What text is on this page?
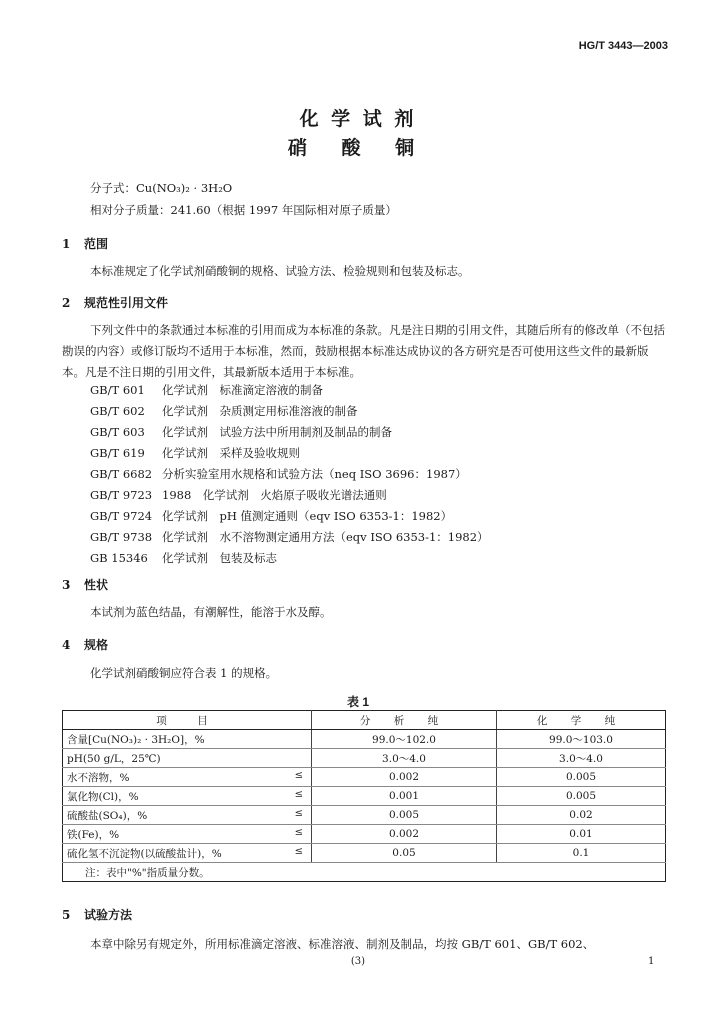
HG/T 3443—2003
化 学 试 剂
硝 酸 铜
分子式：Cu(NO₃)₂ · 3H₂O
相对分子质量：241.60（根据 1997 年国际相对原子质量）
1 范围
本标准规定了化学试剂硝酸铜的规格、试验方法、检验规则和包装及标志。
2 规范性引用文件
下列文件中的条款通过本标准的引用而成为本标准的条款。凡是注日期的引用文件，其随后所有的修改单（不包括勘误的内容）或修订版均不适用于本标准，然而，鼓励根据本标准达成协议的各方研究是否可使用这些文件的最新版本。凡是不注日期的引用文件，其最新版本适用于本标准。
GB/T 601 化学试剂　标准滴定溶液的制备
GB/T 602 化学试剂　杂质测定用标准溶液的制备
GB/T 603 化学试剂　试验方法中所用制剂及制品的制备
GB/T 619 化学试剂　采样及验收规则
GB/T 6682 分析实验室用水规格和试验方法（neq ISO 3696：1987）
GB/T 9723 1988　化学试剂　火焰原子吸收光谱法通则
GB/T 9724 化学试剂　pH 值测定通则（eqv ISO 6353-1：1982）
GB/T 9738 化学试剂　水不溶物测定通用方法（eqv ISO 6353-1：1982）
GB 15346 化学试剂　包装及标志
3 性状
本试剂为蓝色结晶，有潮解性，能溶于水及醇。
4 规格
化学试剂硝酸铜应符合表 1 的规格。
表 1
项　目	分 析 纯	化 学 纯

含量[Cu(NO₃)₂ · 3H₂O]，%	99.0～102.0	99.0～103.0

pH(50 g/L，25℃)	3.0～4.0	3.0～4.0

水不溶物，% ≤	0.002	0.005

氯化物(Cl)，% ≤	0.001	0.005

硫酸盐(SO₄)，% ≤	0.005	0.02

铁(Fe)，% ≤	0.002	0.01

硫化氢不沉淀物(以硫酸盐计)，% ≤	0.05	0.1
注：表中"%"指质量分数。		
5 试验方法
本章中除另有规定外，所用标准滴定溶液、标准溶液、制剂及制品，均按 GB/T 601、GB/T 602、
(3)	1
